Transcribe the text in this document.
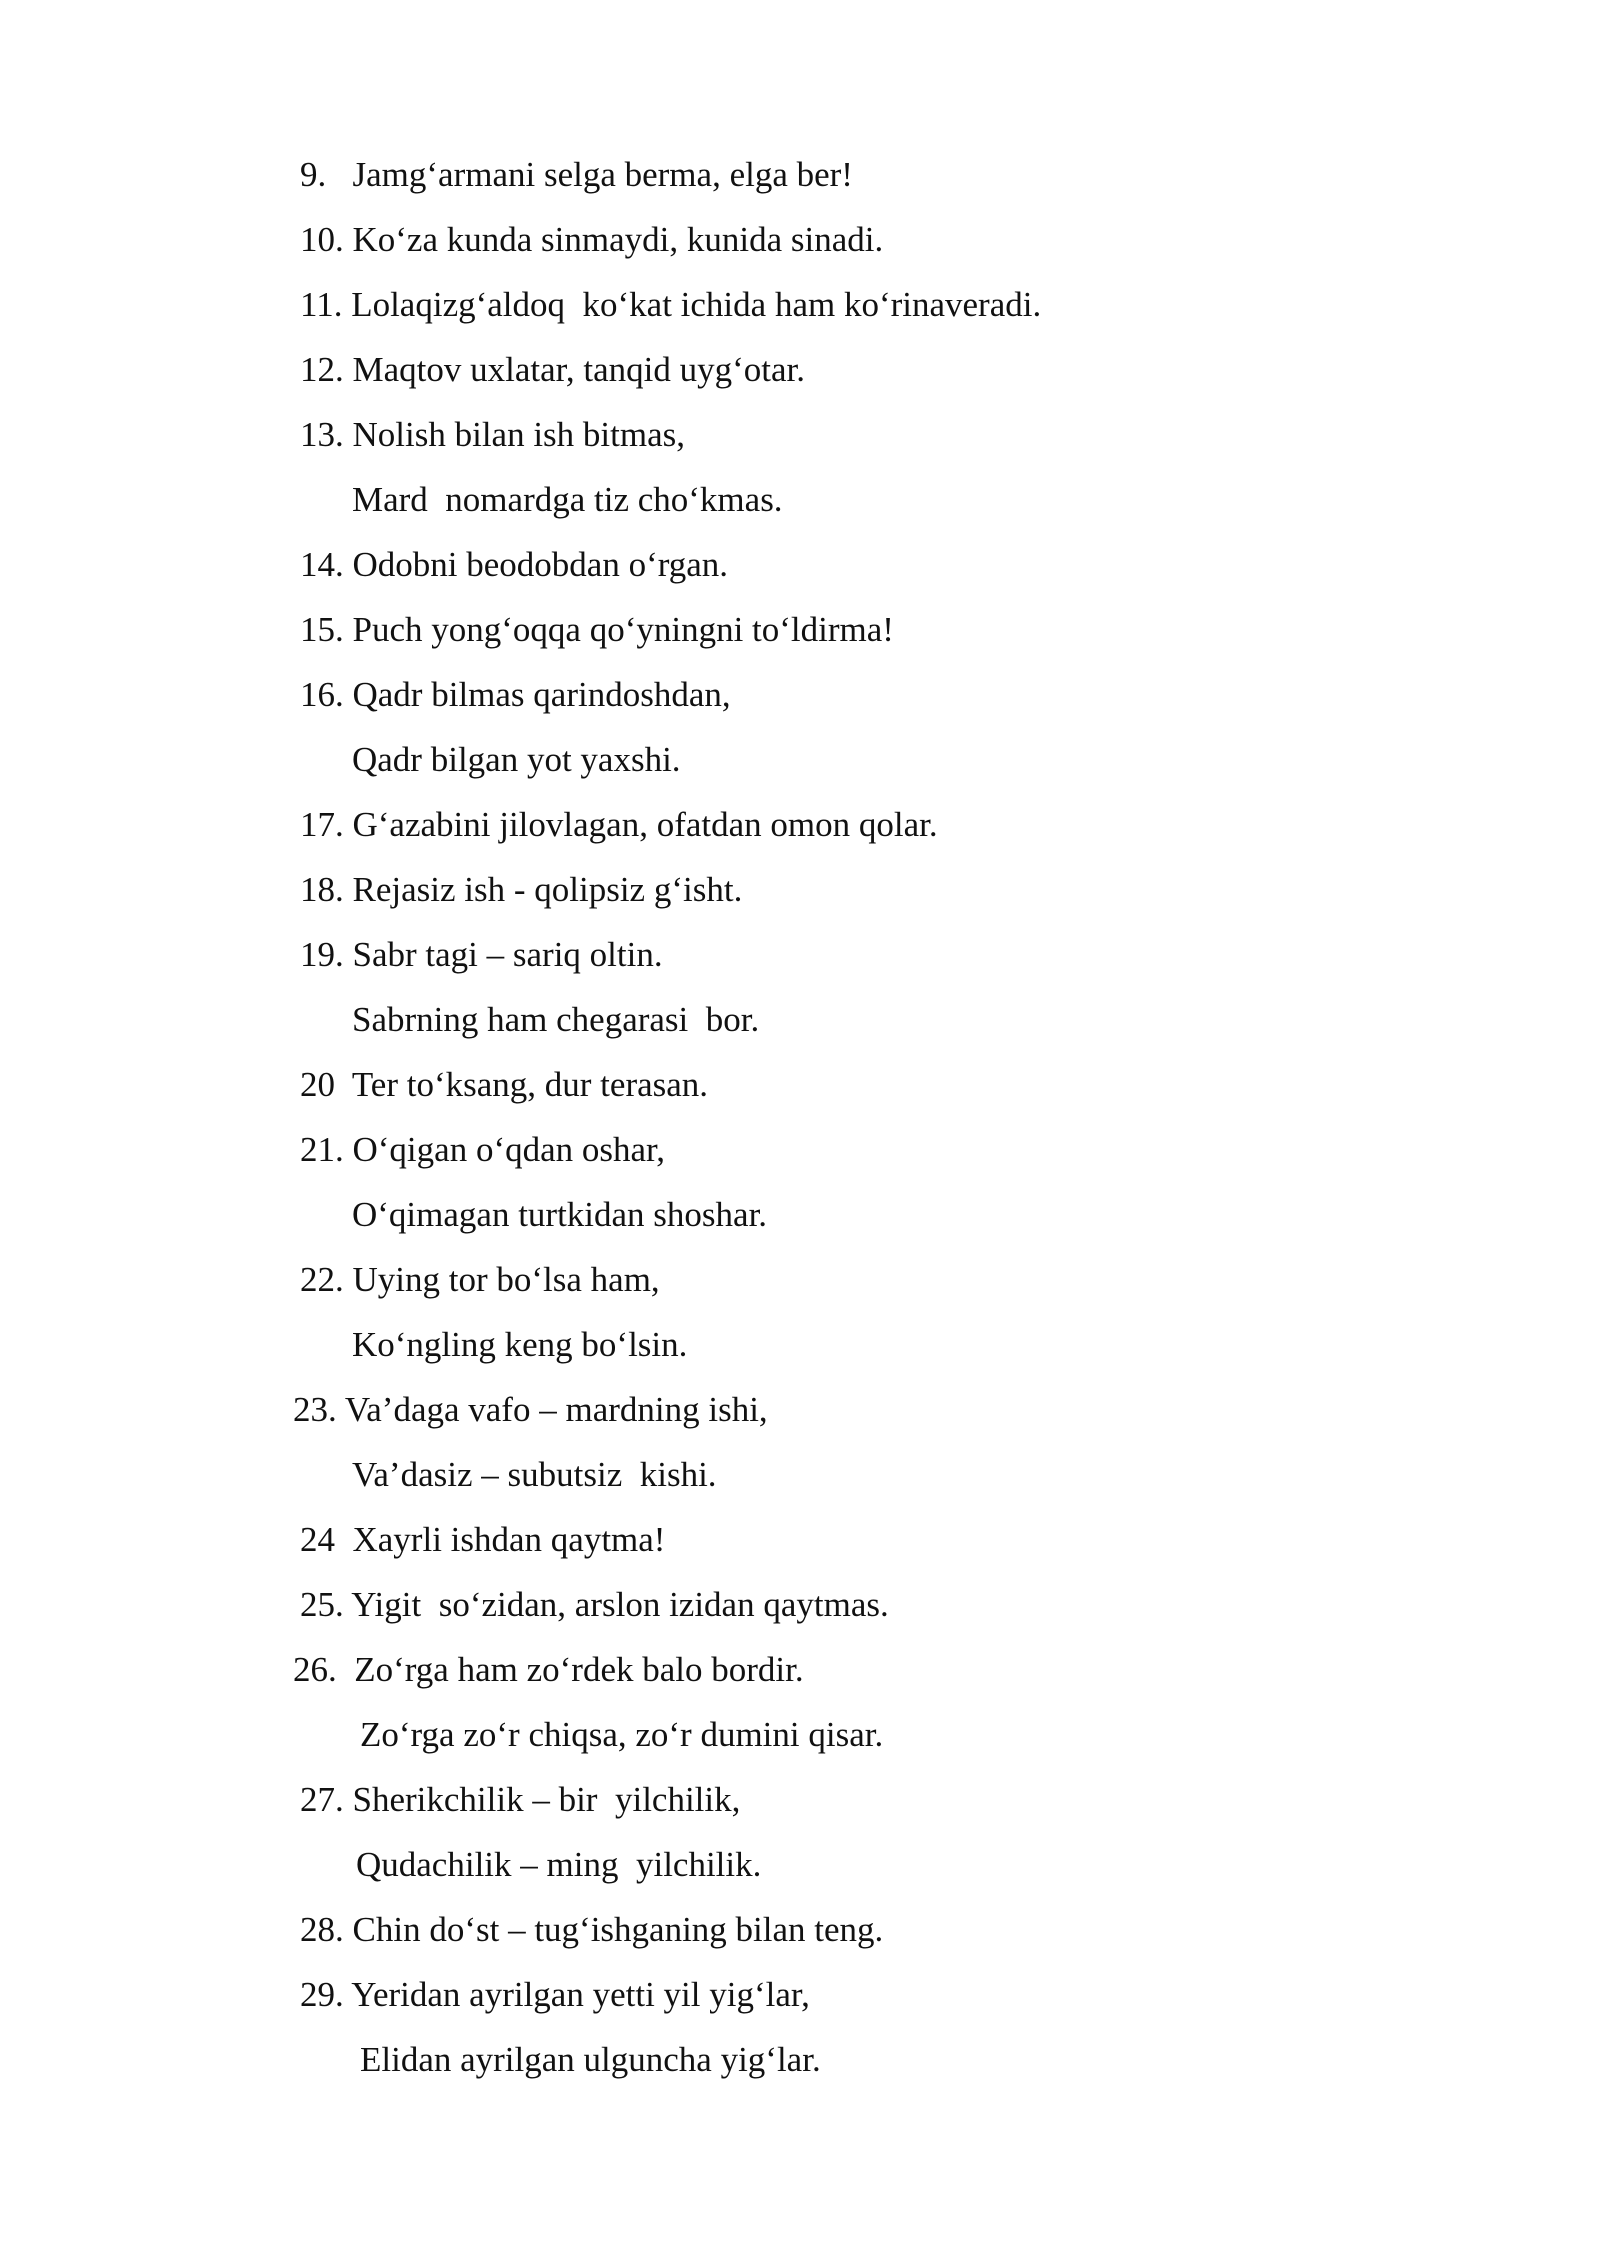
9.   Jamg‘armani selga berma, elga ber!
10. Ko‘za kunda sinmaydi, kunida sinadi.
11. Lolaqizg‘aldoq  ko‘kat ichida ham ko‘rinaveradi.
12. Maqtov uxlatar, tanqid uyg‘otar.
13. Nolish bilan ish bitmas,
Mard  nomardga tiz cho‘kmas.
14. Odobni beodobdan o‘rgan.
15. Puch yong‘oqqa qo‘yningni to‘ldirma!
16. Qadr bilmas qarindoshdan,
Qadr bilgan yot yaxshi.
17. G‘azabini jilovlagan, ofatdan omon qolar.
18. Rejasiz ish - qolipsiz g‘isht.
19. Sabr tagi – sariq oltin.
Sabrning ham chegarasi  bor.
20  Ter to‘ksang, dur terasan.
21. O‘qigan o‘qdan oshar,
O‘qimagan turtkidan shoshar.
22. Uying tor bo‘lsa ham,
Ko‘ngling keng bo‘lsin.
23. Va’daga vafo – mardning ishi,
Va’dasiz – subutsiz  kishi.
24  Xayrli ishdan qaytma!
25. Yigit  so‘zidan, arslon izidan qaytmas.
26.  Zo‘rga ham zo‘rdek balo bordir.
Zo‘rga zo‘r chiqsa, zo‘r dumini qisar.
27. Sherikchilik – bir  yilchilik,
Qudachilik – ming  yilchilik.
28. Chin do‘st – tug‘ishganing bilan teng.
29. Yeridan ayrilgan yetti yil yig‘lar,
Elidan ayrilgan ulguncha yig‘lar.
